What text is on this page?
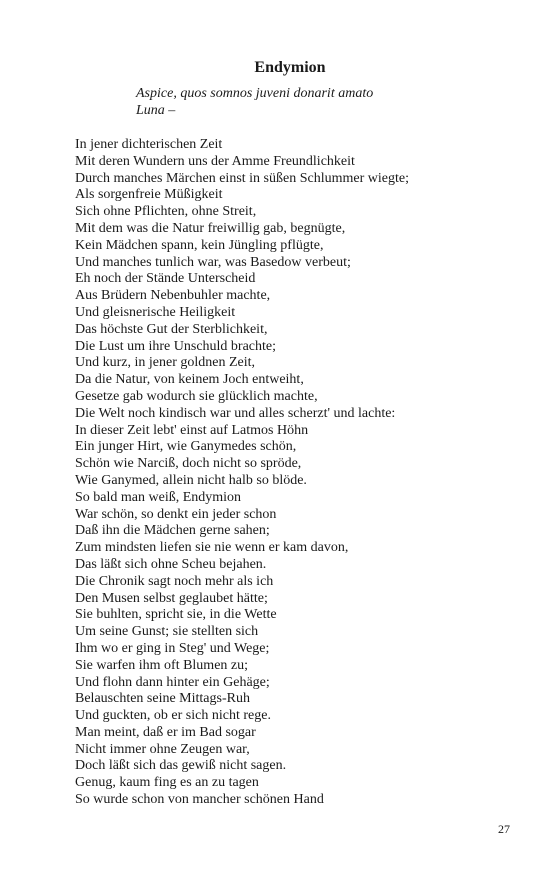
Endymion
Aspice, quos somnos juveni donarit amato
Luna –
In jener dichterischen Zeit
Mit deren Wundern uns der Amme Freundlichkeit
Durch manches Märchen einst in süßen Schlummer wiegte;
Als sorgenfreie Müßigkeit
Sich ohne Pflichten, ohne Streit,
Mit dem was die Natur freiwillig gab, begnügte,
Kein Mädchen spann, kein Jüngling pflügte,
Und manches tunlich war, was Basedow verbeut;
Eh noch der Stände Unterscheid
Aus Brüdern Nebenbuhler machte,
Und gleisnerische Heiligkeit
Das höchste Gut der Sterblichkeit,
Die Lust um ihre Unschuld brachte;
Und kurz, in jener goldnen Zeit,
Da die Natur, von keinem Joch entweiht,
Gesetze gab wodurch sie glücklich machte,
Die Welt noch kindisch war und alles scherzt' und lachte:
In dieser Zeit lebt' einst auf Latmos Höhn
Ein junger Hirt, wie Ganymedes schön,
Schön wie Narciß, doch nicht so spröde,
Wie Ganymed, allein nicht halb so blöde.
So bald man weiß, Endymion
War schön, so denkt ein jeder schon
Daß ihn die Mädchen gerne sahen;
Zum mindsten liefen sie nie wenn er kam davon,
Das läßt sich ohne Scheu bejahen.
Die Chronik sagt noch mehr als ich
Den Musen selbst geglaubet hätte;
Sie buhlten, spricht sie, in die Wette
Um seine Gunst; sie stellten sich
Ihm wo er ging in Steg' und Wege;
Sie warfen ihm oft Blumen zu;
Und flohn dann hinter ein Gehäge;
Belauschten seine Mittags-Ruh
Und guckten, ob er sich nicht rege.
Man meint, daß er im Bad sogar
Nicht immer ohne Zeugen war,
Doch läßt sich das gewiß nicht sagen.
Genug, kaum fing es an zu tagen
So wurde schon von mancher schönen Hand
27
